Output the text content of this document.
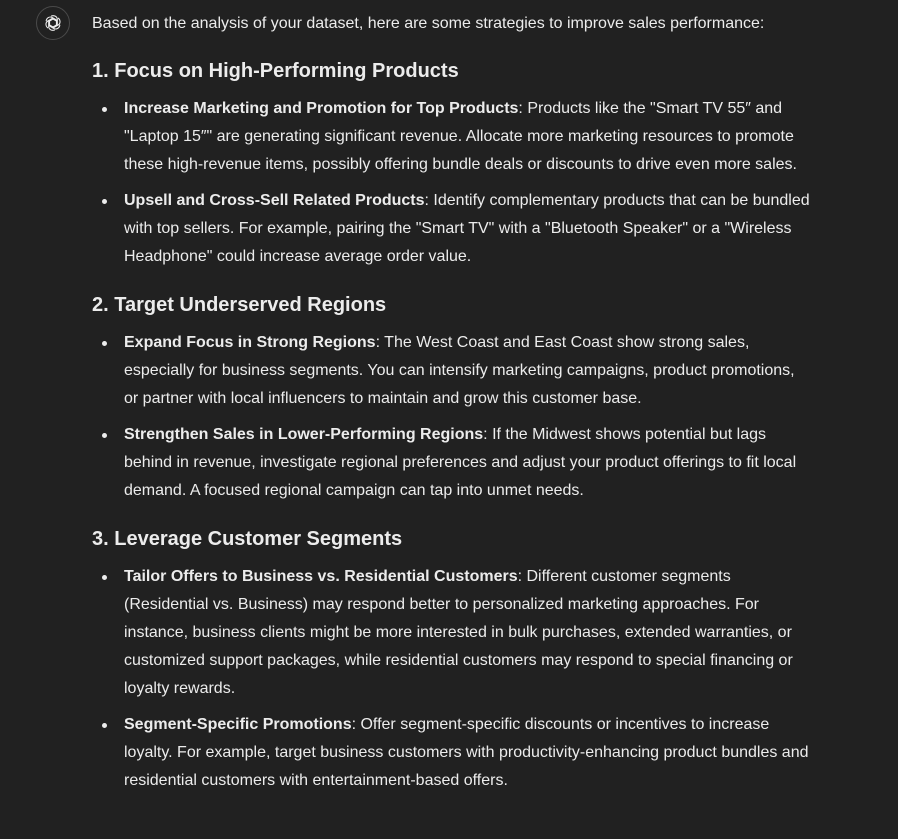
Based on the analysis of your dataset, here are some strategies to improve sales performance:

1. Focus on High-Performing Products
Increase Marketing and Promotion for Top Products: Products like the "Smart TV 55″ and "Laptop 15″" are generating significant revenue. Allocate more marketing resources to promote these high-revenue items, possibly offering bundle deals or discounts to drive even more sales.
Upsell and Cross-Sell Related Products: Identify complementary products that can be bundled with top sellers. For example, pairing the "Smart TV" with a "Bluetooth Speaker" or a "Wireless Headphone" could increase average order value.
2. Target Underserved Regions
Expand Focus in Strong Regions: The West Coast and East Coast show strong sales, especially for business segments. You can intensify marketing campaigns, product promotions, or partner with local influencers to maintain and grow this customer base.
Strengthen Sales in Lower-Performing Regions: If the Midwest shows potential but lags behind in revenue, investigate regional preferences and adjust your product offerings to fit local demand. A focused regional campaign can tap into unmet needs.
3. Leverage Customer Segments
Tailor Offers to Business vs. Residential Customers: Different customer segments (Residential vs. Business) may respond better to personalized marketing approaches. For instance, business clients might be more interested in bulk purchases, extended warranties, or customized support packages, while residential customers may respond to special financing or loyalty rewards.
Segment-Specific Promotions: Offer segment-specific discounts or incentives to increase loyalty. For example, target business customers with productivity-enhancing product bundles and residential customers with entertainment-based offers.
